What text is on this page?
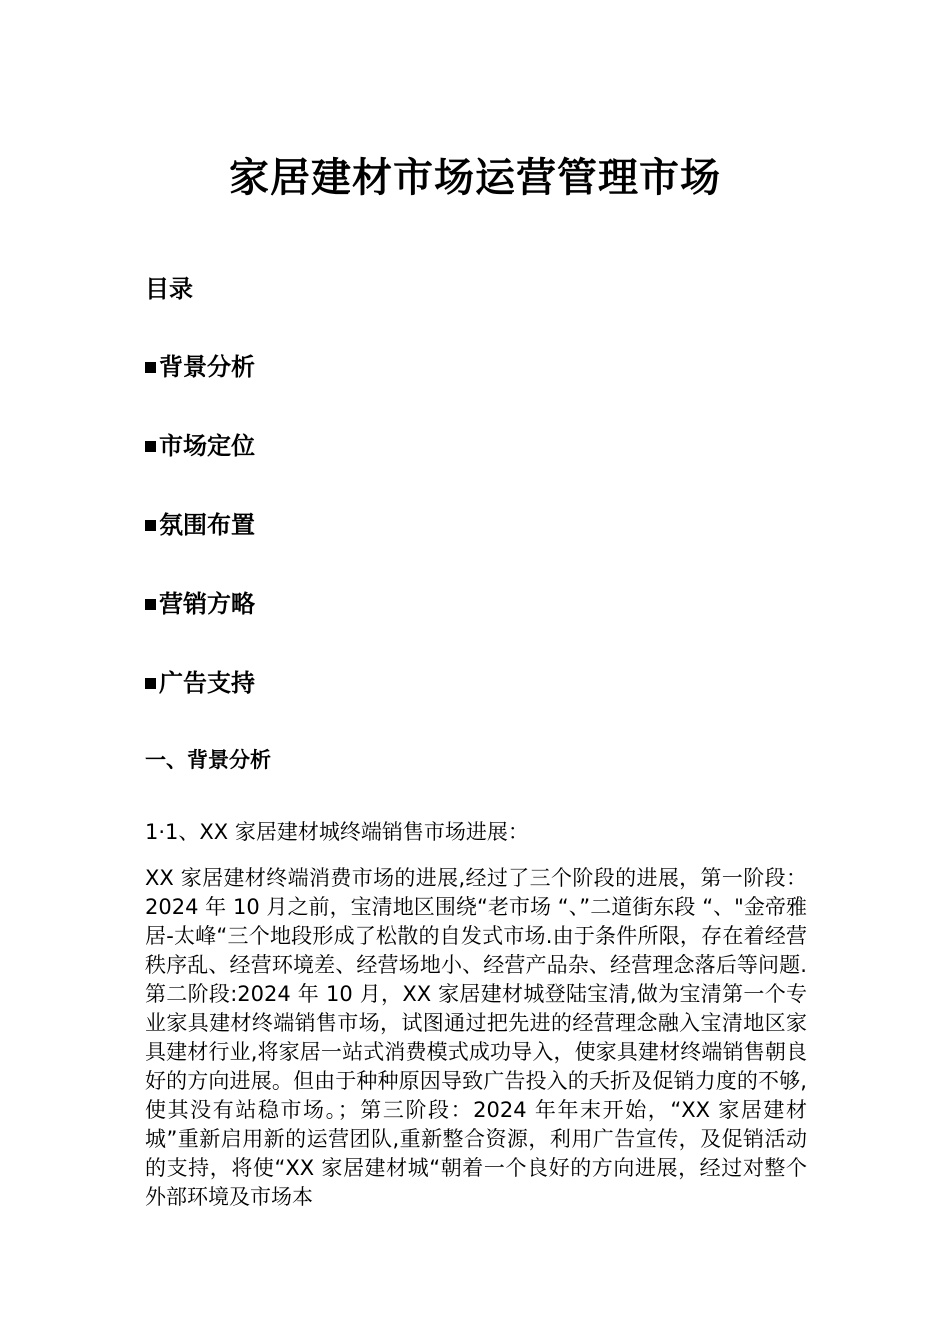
家居建材市场运营管理市场
目录
背景分析
市场定位
氛围布置
营销方略
广告支持
一、背景分析
1·1、XX 家居建材城终端销售市场进展：

XX 家居建材终端消费市场的进展,经过了三个阶段的进展，第一阶段：2024 年 10 月之前，宝清地区围绕“老市场 “、”二道街东段 “、"金帝雅居-太峰“三个地段形成了松散的自发式市场.由于条件所限，存在着经营秩序乱、经营环境差、经营场地小、经营产品杂、经营理念落后等问题.第二阶段:2024 年 10 月，XX 家居建材城登陆宝清,做为宝清第一个专业家具建材终端销售市场，试图通过把先进的经营理念融入宝清地区家具建材行业,将家居一站式消费模式成功导入，使家具建材终端销售朝良好的方向进展。但由于种种原因导致广告投入的夭折及促销力度的不够,使其没有站稳市场。；第三阶段：2024 年年末开始，“XX 家居建材城”重新启用新的运营团队,重新整合资源，利用广告宣传，及促销活动的支持，将使“XX 家居建材城“朝着一个良好的方向进展，经过对整个外部环境及市场本
